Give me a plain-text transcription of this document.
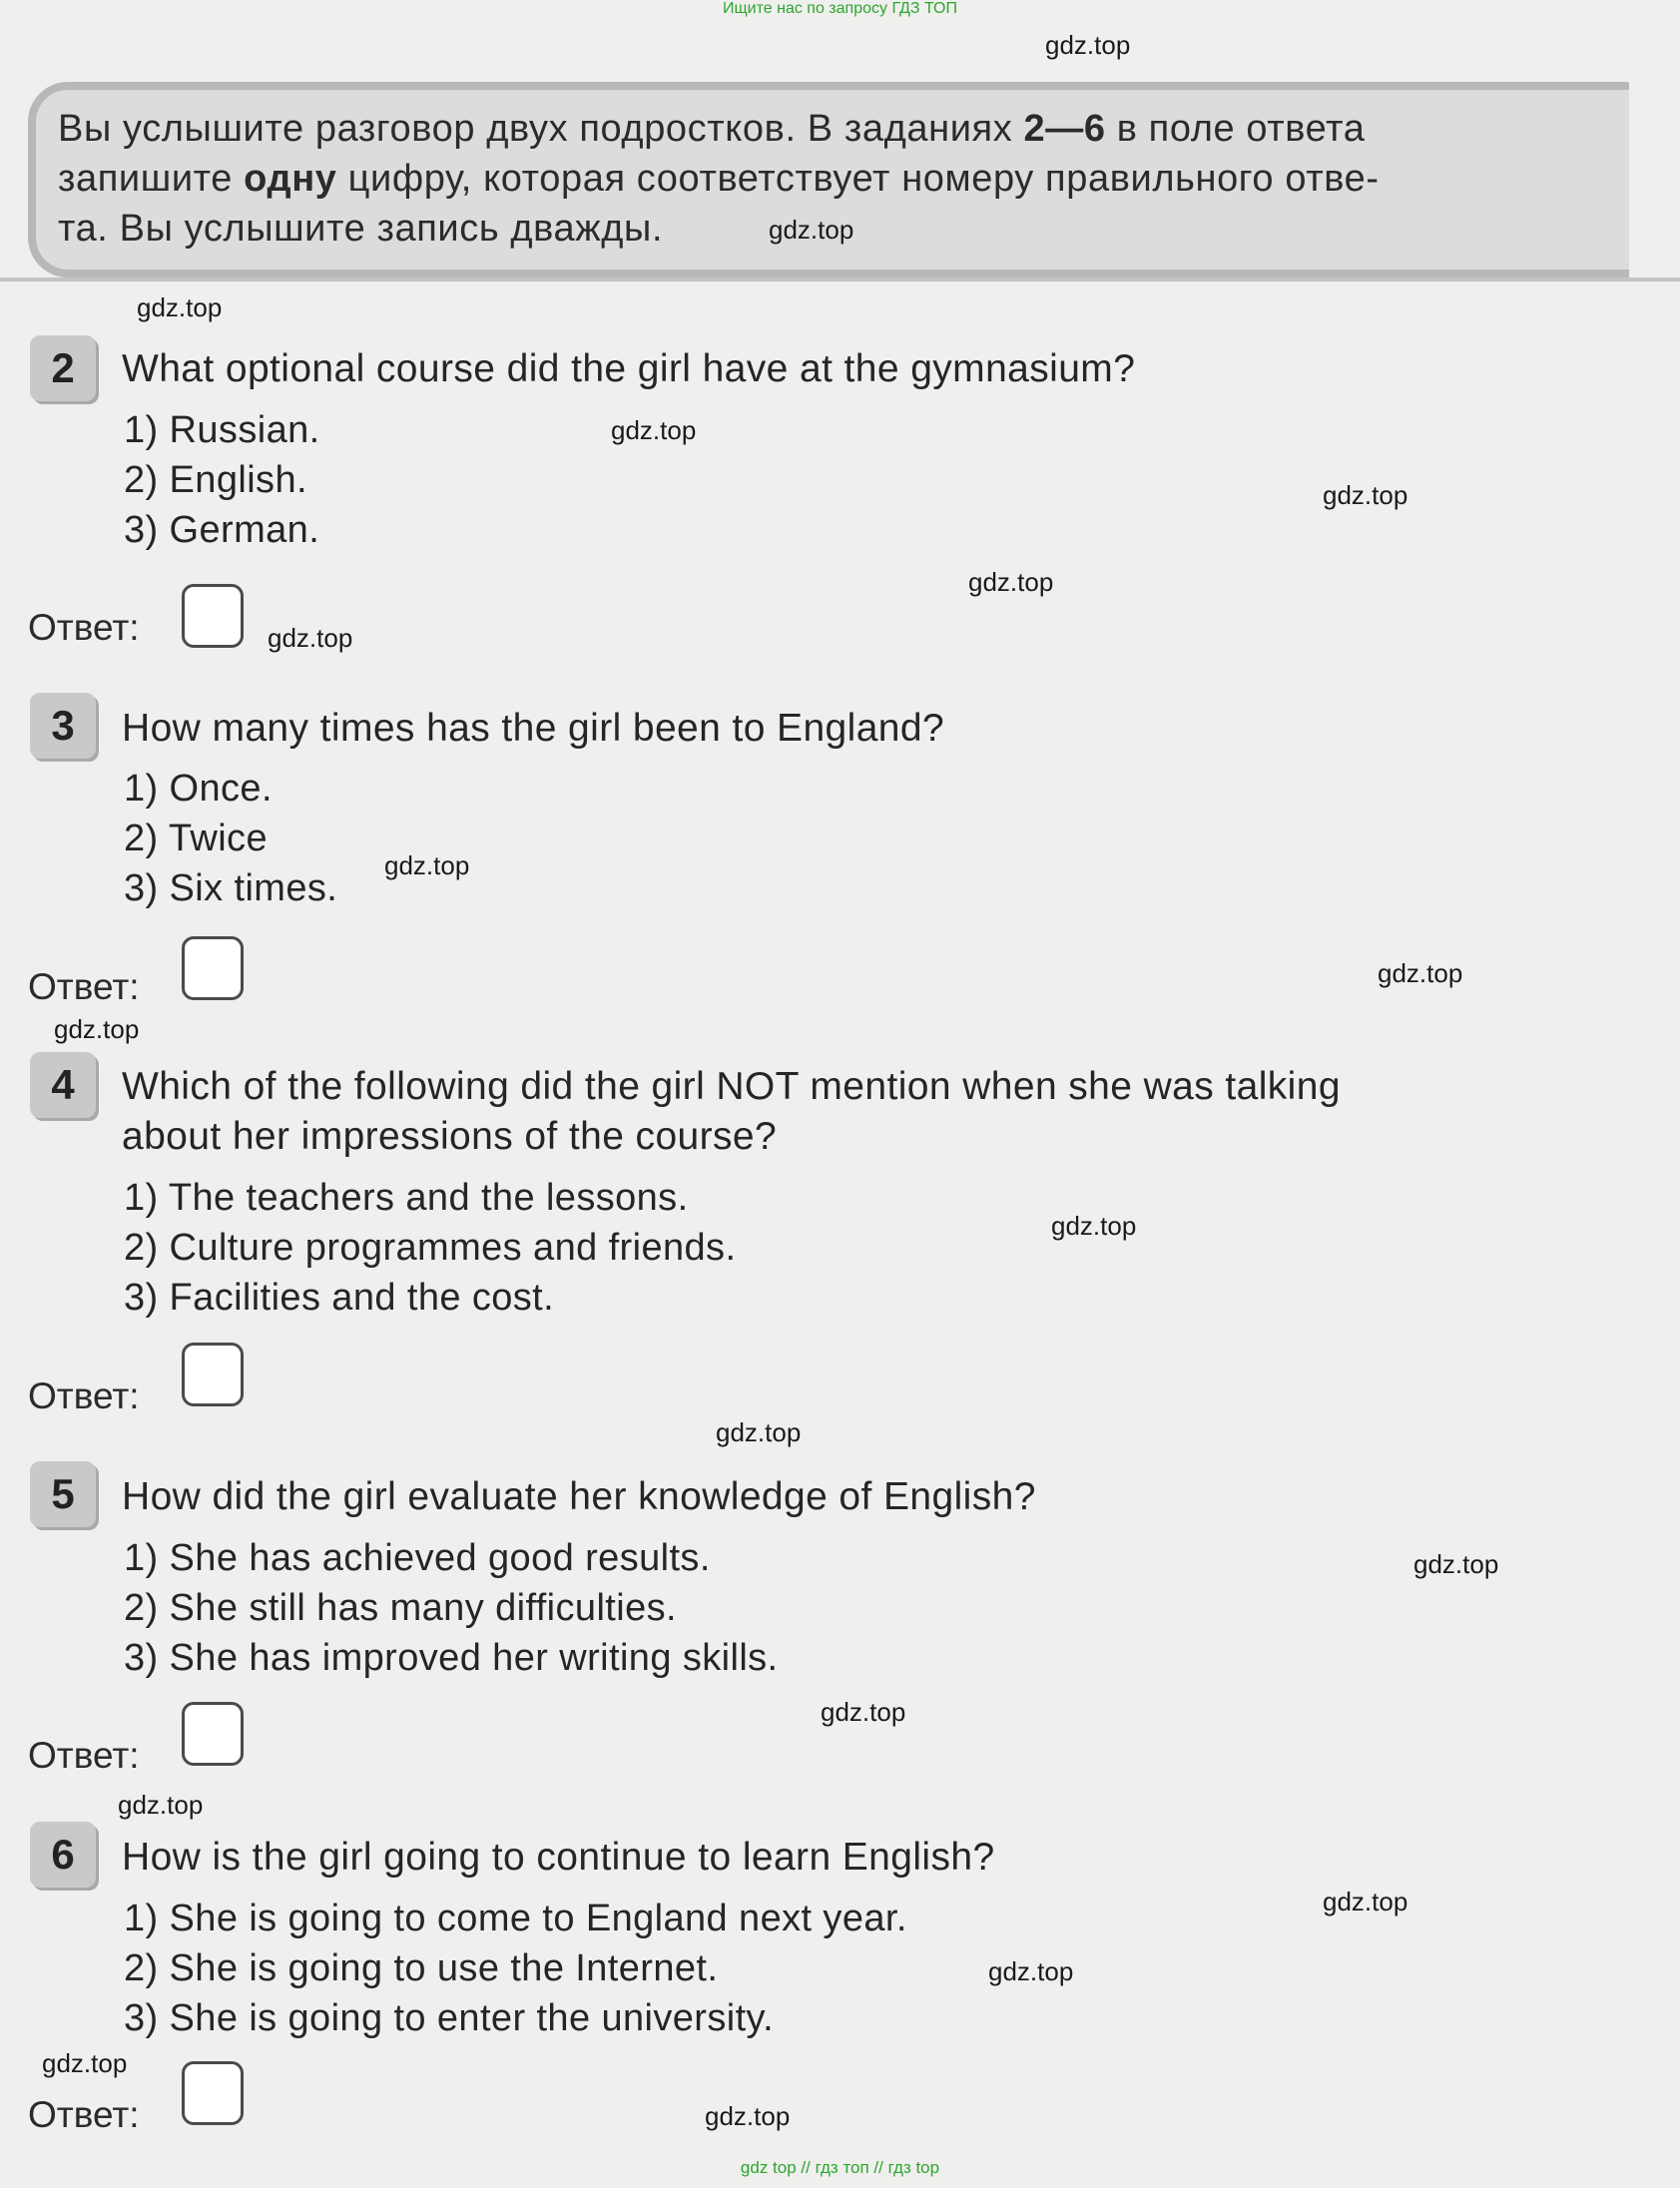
Ищите нас по запросу ГДЗ ТОП
Вы услышите разговор двух подростков. В заданиях 2—6 в поле ответа
запишите одну цифру, которая соответствует номеру правильного отве-
та. Вы услышите запись дважды.
2	What optional course did the girl have at the gymnasium?
1) Russian.
2) English.
3) German.
Ответ:
3	How many times has the girl been to England?
1) Once.
2) Twice
3) Six times.
Ответ:
4	Which of the following did the girl NOT mention when she was talking
about her impressions of the course?
1) The teachers and the lessons.
2) Culture programmes and friends.
3) Facilities and the cost.
Ответ:
5	How did the girl evaluate her knowledge of English?
1) She has achieved good results.
2) She still has many difficulties.
3) She has improved her writing skills.
Ответ:
6	How is the girl going to continue to learn English?
1) She is going to come to England next year.
2) She is going to use the Internet.
3) She is going to enter the university.
Ответ:
gdz.top
gdz.top
gdz.top
gdz.top
gdz.top
gdz.top
gdz.top
gdz.top
gdz.top
gdz.top
gdz.top
gdz.top
gdz.top
gdz.top
gdz.top
gdz.top
gdz.top
gdz.top
gdz.top
gdz top // гдз топ // гдз top
